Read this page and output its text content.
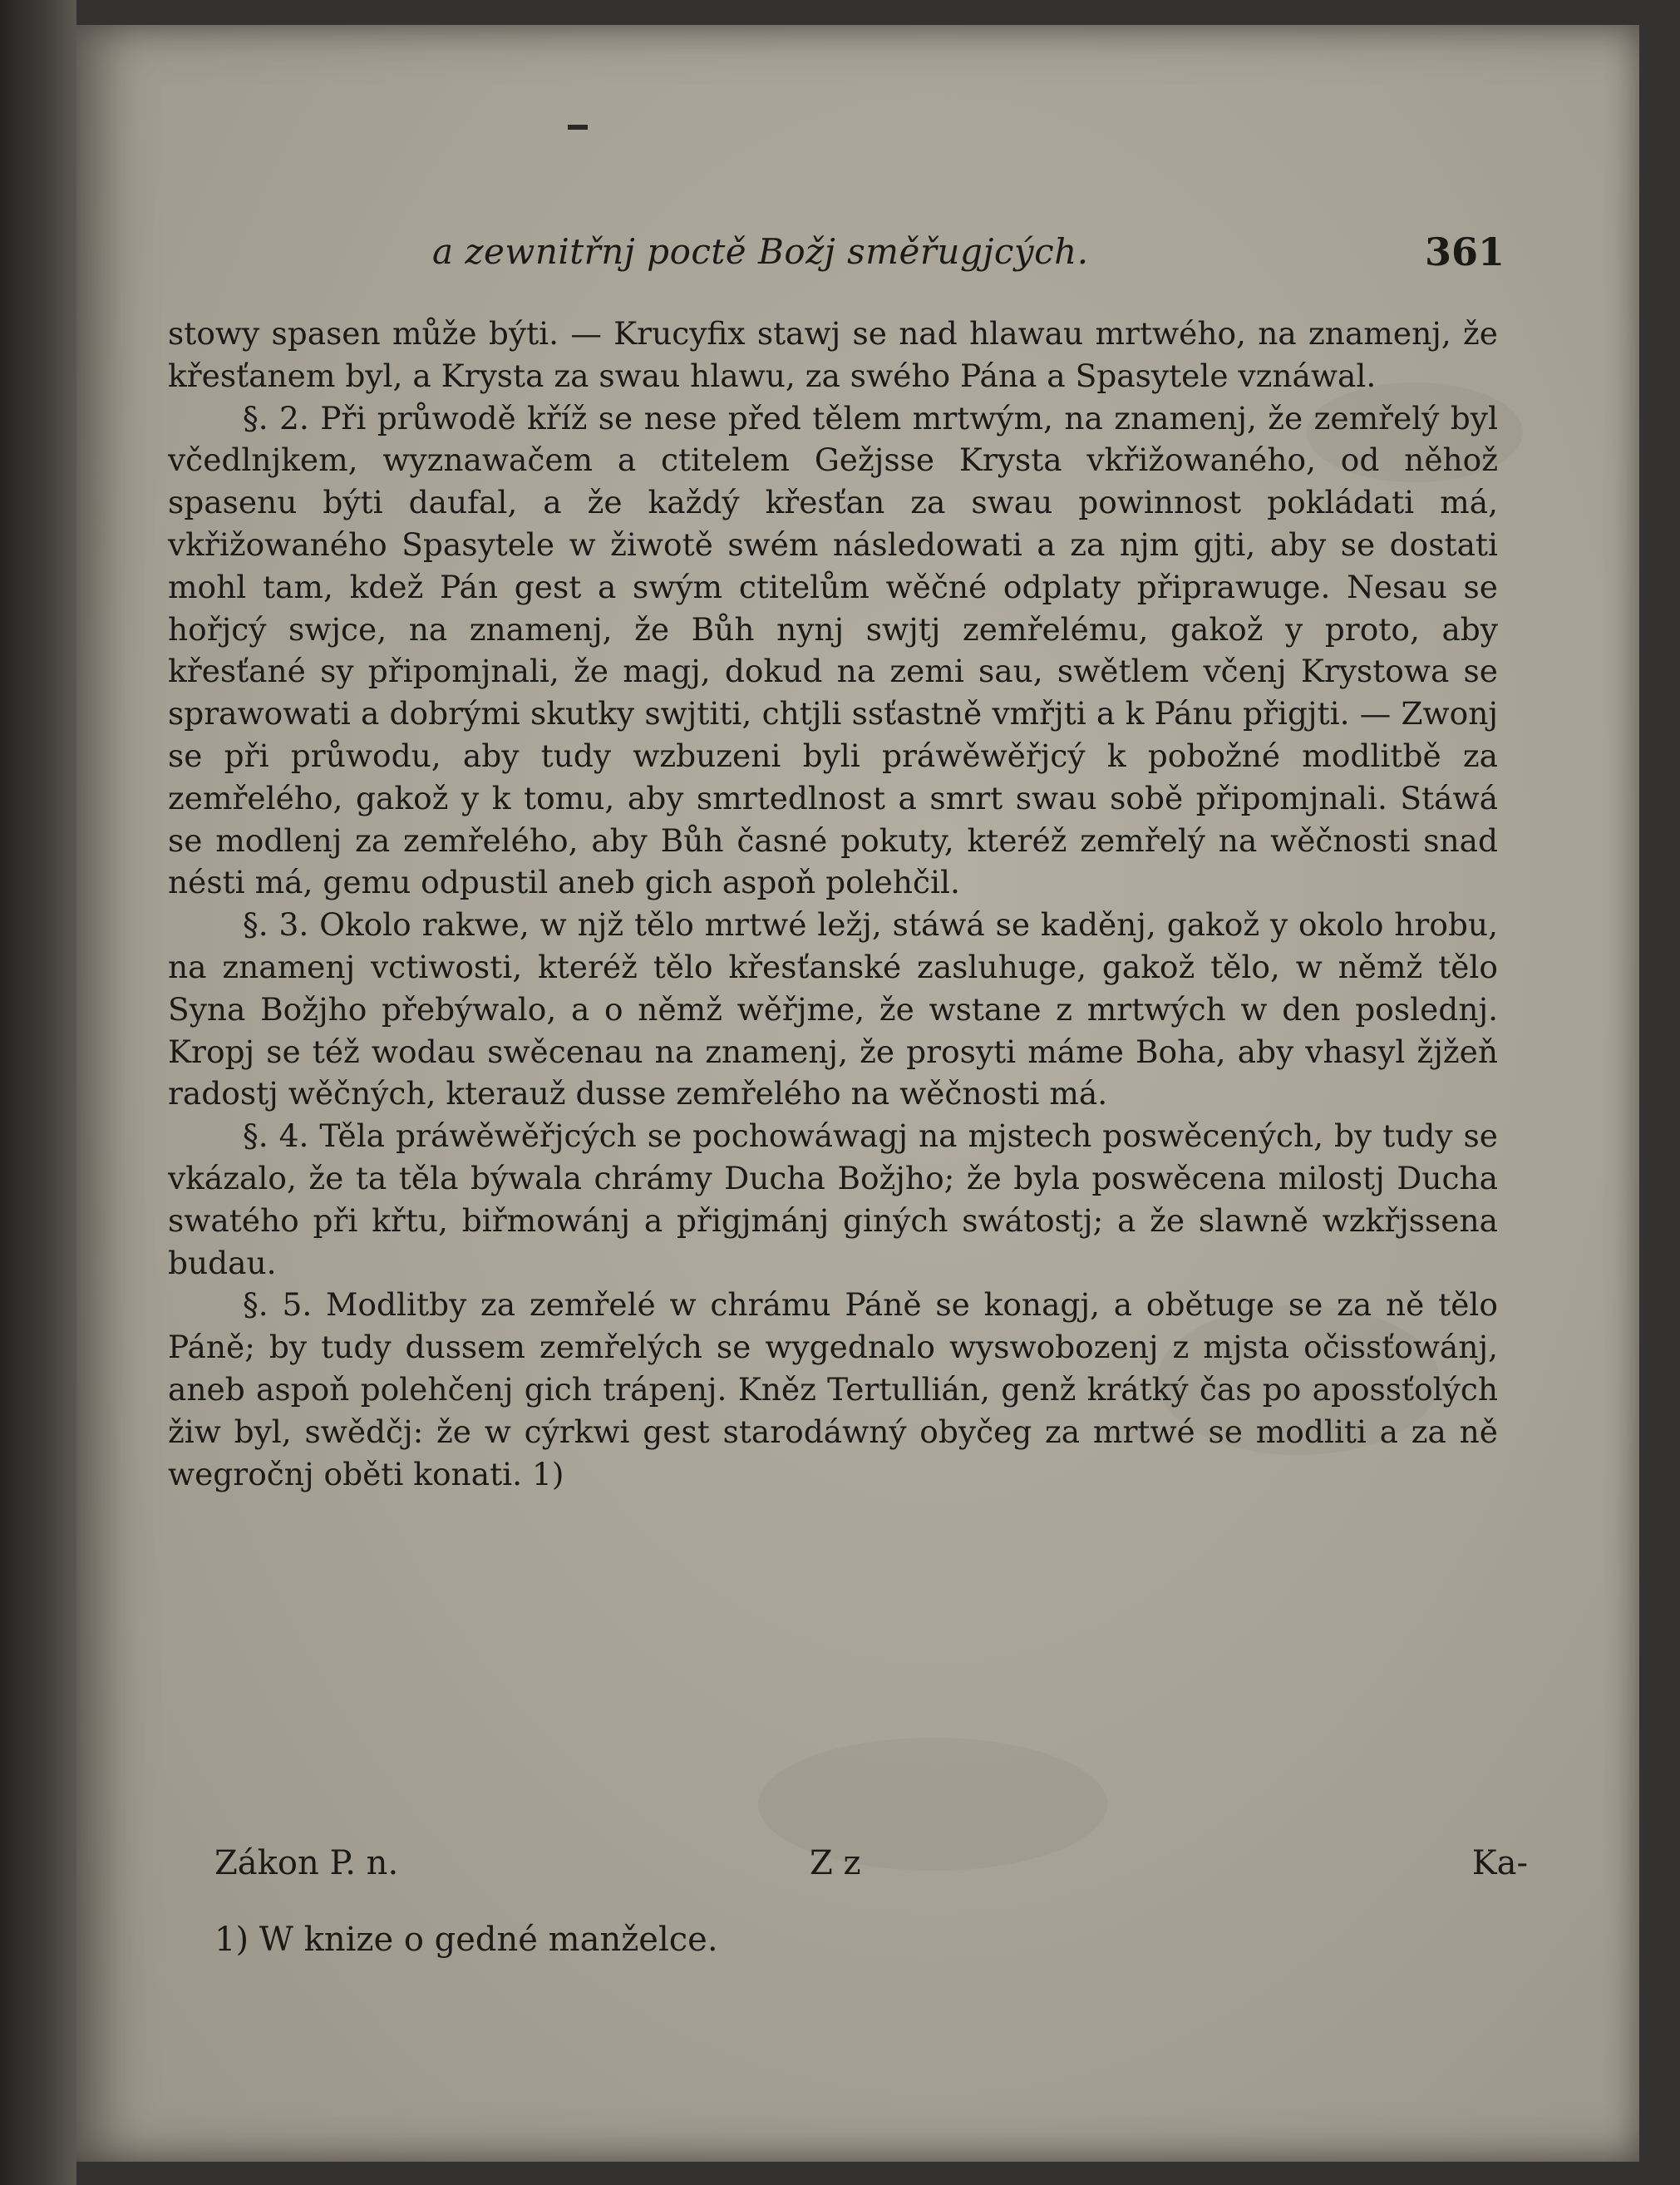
a zewnitřnj poctě Božj směřugjcých.	361

stowy spasen může býti. — Krucyfix stawj se nad hlawau mrtwého, na znamenj, že křesťanem byl, a Krysta za swau hlawu, za swého Pána a Spasytele vznáwal.

§. 2. Při průwodě kříž se nese před tělem mrtwým, na znamenj, že zemřelý byl včedlnjkem, wyznawačem a ctitelem Gežjsse Krysta vkřižowaného, od něhož spasenu býti daufal, a že každý křesťan za swau powinnost pokládati má, vkřižowaného Spasytele w žiwotě swém následowati a za njm gjti, aby se dostati mohl tam, kdež Pán gest a swým ctitelům wěčné odplaty připrawuge. Nesau se hořjcý swjce, na znamenj, že Bůh nynj swjtj zemřelému, gakož y proto, aby křesťané sy připomjnali, že magj, dokud na zemi sau, swětlem včenj Krystowa se sprawowati a dobrými skutky swjtiti, chtjli ssťastně vmřjti a k Pánu přigjti. — Zwonj se při průwodu, aby tudy wzbuzeni byli práwěwěřjcý k pobožné modlitbě za zemřelého, gakož y k tomu, aby smrtedlnost a smrt swau sobě připomjnali. Stáwá se modlenj za zemřelého, aby Bůh časné pokuty, kteréž zemřelý na wěčnosti snad nésti má, gemu odpustil aneb gich aspoň polehčil.

§. 3. Okolo rakwe, w njž tělo mrtwé ležj, stáwá se kaděnj, gakož y okolo hrobu, na znamenj vctiwosti, kteréž tělo křesťanské zasluhuge, gakož tělo, w němž tělo Syna Božjho přebýwalo, a o němž wěřjme, že wstane z mrtwých w den poslednj. Kropj se též wodau swěcenau na znamenj, že prosyti máme Boha, aby vhasyl žjžeň radostj wěčných, kterauž dusse zemřelého na wěčnosti má.

§. 4. Těla práwěwěřjcých se pochowáwagj na mjstech poswěcených, by tudy se vkázalo, že ta těla býwala chrámy Ducha Božjho; že byla poswěcena milostj Ducha swatého při křtu, biřmowánj a přigjmánj giných swátostj; a že slawně wzkřjssena budau.

§. 5. Modlitby za zemřelé w chrámu Páně se konagj, a obětuge se za ně tělo Páně; by tudy dussem zemřelých se wygednalo wyswobozenj z mjsta očissťowánj, aneb aspoň polehčenj gich trápenj. Kněz Tertullián, genž krátký čas po apossťolých žiw byl, swědčj: že w cýrkwi gest starodáwný obyčeg za mrtwé se modliti a za ně wegročnj oběti konati. 1)

Zákon P. n.	Z z	Ka-
1) W knize o gedné manželce.
